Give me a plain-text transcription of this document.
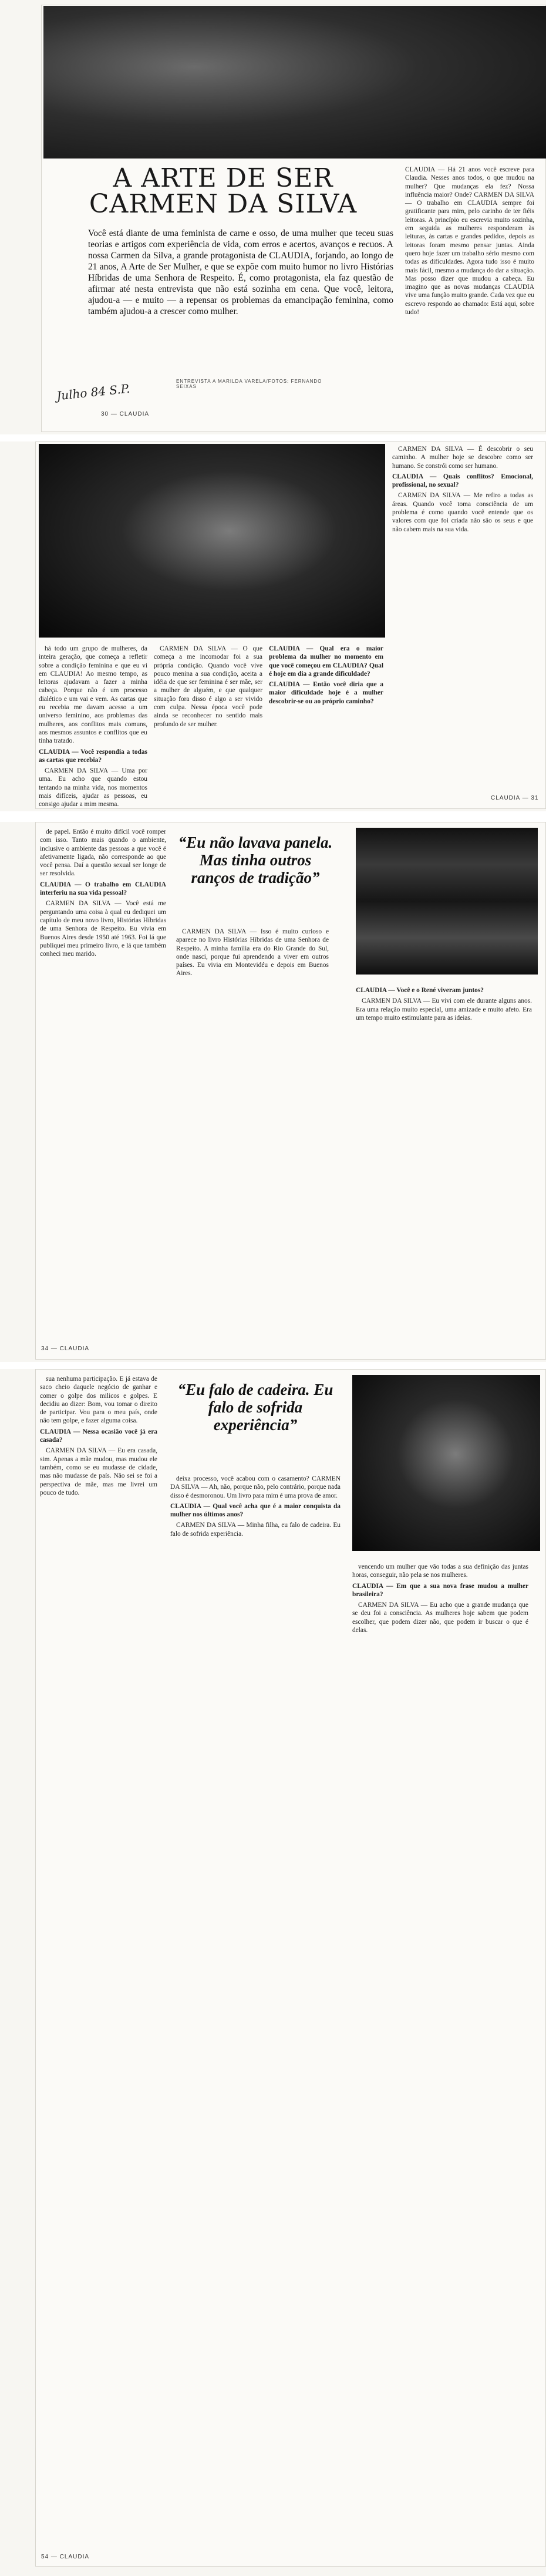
A ARTE DE SER CARMEN DA SILVA
Você está diante de uma feminista de carne e osso, de uma mulher que teceu suas teorias e artigos com experiência de vida, com erros e acertos, avanços e recuos. A nossa Carmen da Silva, a grande protagonista de CLAUDIA, forjando, ao longo de 21 anos, A Arte de Ser Mulher, e que se expõe com muito humor no livro Histórias Híbridas de uma Senhora de Respeito. É, como protagonista, ela faz questão de afirmar até nesta entrevista que não está sozinha em cena. Que você, leitora, ajudou-a — e muito — a repensar os problemas da emancipação feminina, como também ajudou-a a crescer como mulher.
ENTREVISTA A MARILDA VARELA/FOTOS: FERNANDO SEIXAS
Julho 84 S.P.
30 — CLAUDIA
CLAUDIA — Há 21 anos você escreve para Claudia. Nesses anos todos, o que mudou na mulher? Que mudanças ela fez? Nossa influência maior? Onde? CARMEN DA SILVA — O trabalho em CLAUDIA sempre foi gratificante para mim, pelo carinho de ter fiéis leitoras. A princípio eu escrevia muito sozinha, em seguida as mulheres responderam às leituras, às cartas e grandes pedidos, depois as leitoras foram mesmo pensar juntas. Ainda quero hoje fazer um trabalho sério mesmo com todas as dificuldades. Agora tudo isso é muito mais fácil, mesmo a mudança do dar a situação. Mas posso dizer que mudou a cabeça. Eu imagino que as novas mudanças CLAUDIA vive uma função muito grande. Cada vez que eu escrevo respondo ao chamado: Está aqui, sobre tudo!

CARMEN DA SILVA — É descobrir o seu caminho. A mulher hoje se descobre como ser humano. Se constrói como ser humano.

CLAUDIA — Quais conflitos? Emocional, profissional, no sexual?

CARMEN DA SILVA — Me refiro a todas as áreas. Quando você toma consciência de um problema é como quando você entende que os valores com que foi criada não são os seus e que não cabem mais na sua vida.

há todo um grupo de mulheres, da inteira geração, que começa a refletir sobre a condição feminina e que eu vi em CLAUDIA! Ao mesmo tempo, as leitoras ajudavam a fazer a minha cabeça. Porque não é um processo dialético e um vai e vem. As cartas que eu recebia me davam acesso a um universo feminino, aos problemas das mulheres, aos conflitos mais comuns, aos mesmos assuntos e conflitos que eu tinha tratado.

CLAUDIA — Você respondia a todas as cartas que recebia?

CARMEN DA SILVA — Uma por uma. Eu acho que quando estou tentando na minha vida, nos momentos mais difíceis, ajudar as pessoas, eu consigo ajudar a mim mesma.

CARMEN DA SILVA — O que começa a me incomodar foi a sua própria condição. Quando você vive pouco menina a sua condição, aceita a idéia de que ser feminina é ser mãe, ser a mulher de alguém, e que qualquer situação fora disso é algo a ser vivido com culpa. Nessa época você pode ainda se reconhecer no sentido mais profundo de ser mulher.

CLAUDIA — Qual era o maior problema da mulher no momento em que você começou em CLAUDIA? Qual é hoje em dia a grande dificuldade?

CLAUDIA — Então você diria que a maior dificuldade hoje é a mulher descobrir-se ou ao próprio caminho?

CLAUDIA — 31

de papel. Então é muito difícil você romper com isso. Tanto mais quando o ambiente, inclusive o ambiente das pessoas a que você é afetivamente ligada, não corresponde ao que você pensa. Daí a questão sexual ser longe de ser resolvida.

CLAUDIA — O trabalho em CLAUDIA interferiu na sua vida pessoal?

CARMEN DA SILVA — Você está me perguntando uma coisa à qual eu dediquei um capítulo de meu novo livro, Histórias Híbridas de uma Senhora de Respeito. Eu vivia em Buenos Aires desde 1950 até 1963. Foi lá que publiquei meu primeiro livro, e lá que também conheci meu marido.

“Eu não lavava panela. Mas tinha outros ranços de tradição”

CARMEN DA SILVA — Isso é muito curioso e aparece no livro Histórias Híbridas de uma Senhora de Respeito. A minha família era do Rio Grande do Sul, onde nasci, porque fui aprendendo a viver em outros países. Eu vivia em Montevidéu e depois em Buenos Aires.

CLAUDIA — Você e o René viveram juntos?

CARMEN DA SILVA — Eu vivi com ele durante alguns anos. Era uma relação muito especial, uma amizade e muito afeto. Era um tempo muito estimulante para as ideias.

34 — CLAUDIA

sua nenhuma participação. E já estava de saco cheio daquele negócio de ganhar e comer o golpe dos milicos e golpes. E decidiu ao dizer: Bom, vou tomar o direito de participar. Vou para o meu país, onde não tem golpe, e fazer alguma coisa.

CLAUDIA — Nessa ocasião você já era casada?

CARMEN DA SILVA — Eu era casada, sim. Apenas a mãe mudou, mas mudou ele também, como se eu mudasse de cidade, mas não mudasse de país. Não sei se foi a perspectiva de mãe, mas me livrei um pouco de tudo.

“Eu falo de cadeira. Eu falo de sofrida experiência”

deixa processo, você acabou com o casamento? CARMEN DA SILVA — Ah, não, porque não, pelo contrário, porque nada disso é desmoronou. Um livro para mim é uma prova de amor.

CLAUDIA — Qual você acha que é a maior conquista da mulher nos últimos anos?

CARMEN DA SILVA — Minha filha, eu falo de cadeira. Eu falo de sofrida experiência.

vencendo um mulher que vão todas a sua definição das juntas horas, conseguir, não pela se nos mulheres.

CLAUDIA — Em que a sua nova frase mudou a mulher brasileira?

CARMEN DA SILVA — Eu acho que a grande mudança que se deu foi a consciência. As mulheres hoje sabem que podem escolher, que podem dizer não, que podem ir buscar o que é delas.

54 — CLAUDIA
